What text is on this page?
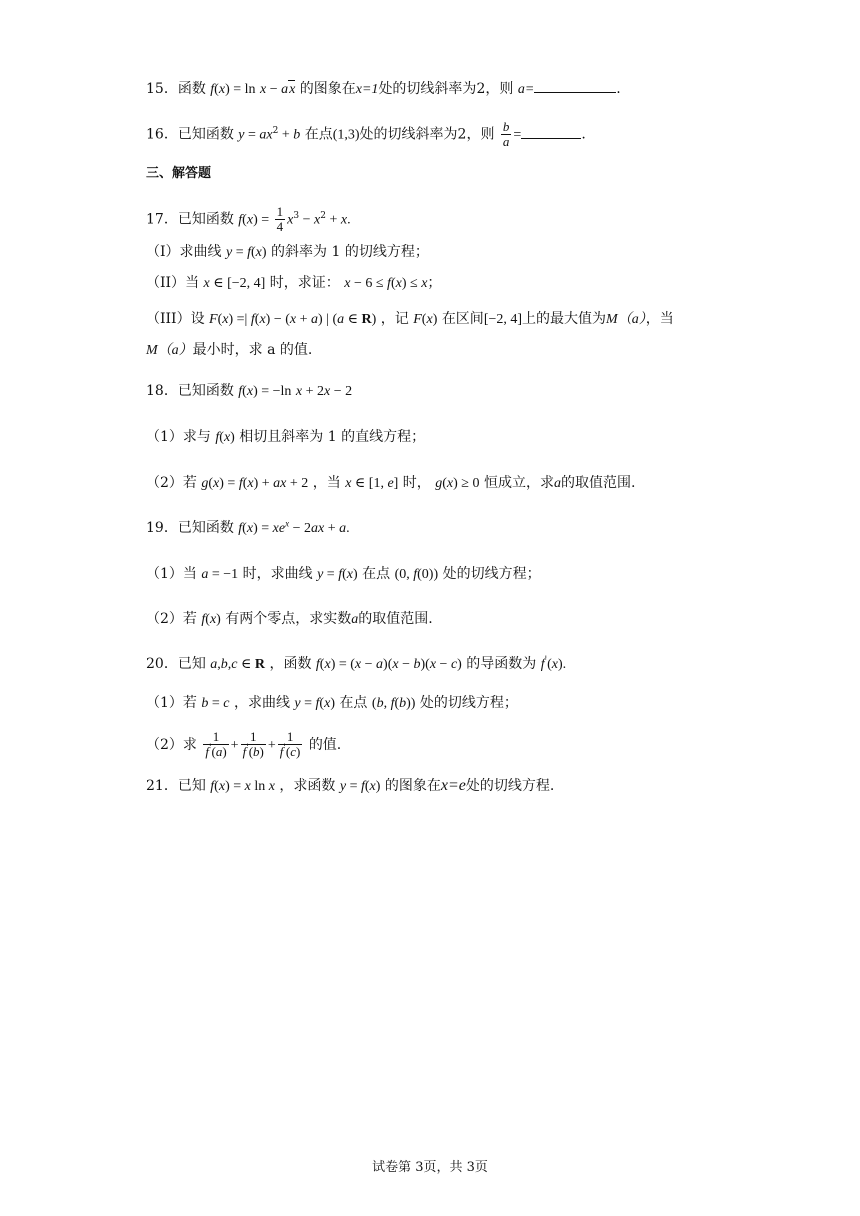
15．函数 f(x) = ln x − ax 的图象在x=1处的切线斜率为2，则 a=	.
16．已知函数 $y = ax^2 + b$ 在点(1,3)处的切线斜率为2，则 $\frac{b}{a}$ =	.
三、解答题
17．已知函数 $f(x) = \frac{1}{4} x^3 - x^2 + x$.
（I）求曲线 y = f(x) 的斜率为 1 的切线方程；
（II）当 x ∈ [−2, 4] 时，求证： x − 6 ≤ f(x) ≤ x；
（III）设 F(x) =| f(x) − (x + a) | (a ∈ R) ，记 F(x) 在区间[−2, 4]上的最大值为M（a），当
M（a）最小时，求 a 的值.
18．已知函数 f(x) = −ln x + 2x − 2
（1）求与 f(x) 相切且斜率为 1 的直线方程；
（2）若 g(x) = f(x) + ax + 2 ，当 x ∈ [1, e] 时， g(x) ≥ 0 恒成立，求a的取值范围.
19．已知函数 $f(x) = xe^x - 2ax + a$.
（1）当 a = −1 时，求曲线 y = f(x) 在点 (0, f(0)) 处的切线方程；
（2）若 f(x) 有两个零点，求实数a的取值范围.
20．已知 a,b,c ∈ R ，函数 f(x) = (x − a)(x − b)(x − c) 的导函数为 f'(x).
（1）若 b = c ，求曲线 y = f(x) 在点 (b, f(b)) 处的切线方程；
（2）求 $\frac{1}{f'(a)} + \frac{1}{f'(b)} + \frac{1}{f'(c)}$ 的值.
21．已知 f(x) = x ln x ，求函数 y = f(x) 的图象在x=e处的切线方程.
试卷第 3页，共 3页
